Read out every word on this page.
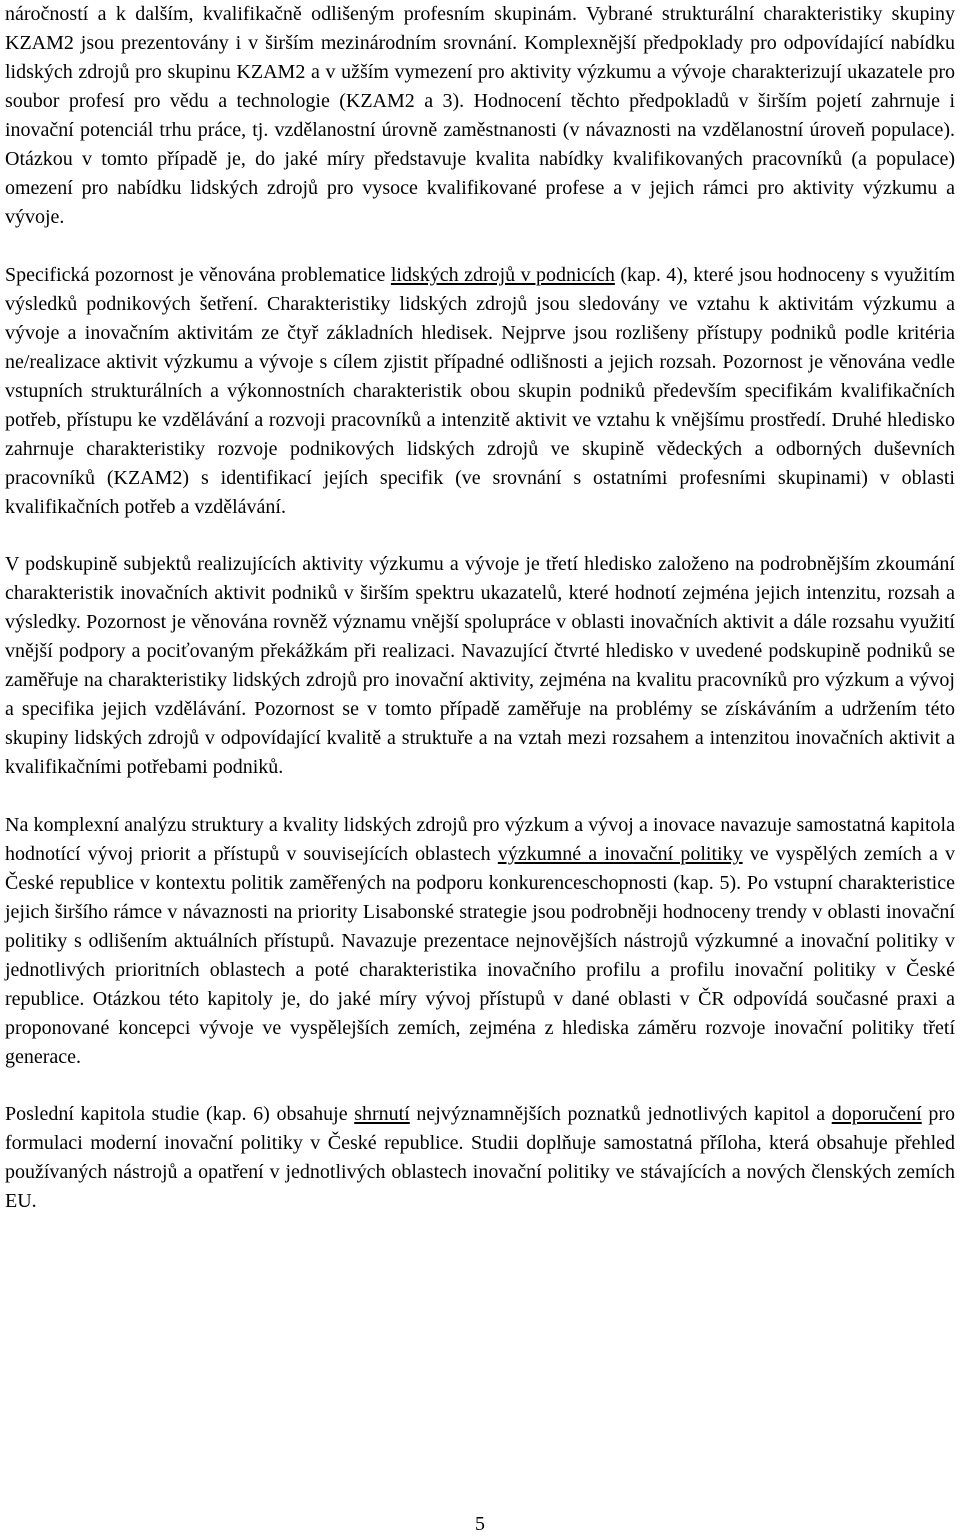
náročností a k dalším, kvalifikačně odlišeným profesním skupinám. Vybrané strukturální charakteristiky skupiny KZAM2 jsou prezentovány i v širším mezinárodním srovnání. Komplexnější předpoklady pro odpovídající nabídku lidských zdrojů pro skupinu KZAM2 a v užším vymezení pro aktivity výzkumu a vývoje charakterizují ukazatele pro soubor profesí pro vědu a technologie (KZAM2 a 3). Hodnocení těchto předpokladů v širším pojetí zahrnuje i inovační potenciál trhu práce, tj. vzdělanostní úrovně zaměstnanosti (v návaznosti na vzdělanostní úroveň populace). Otázkou v tomto případě je, do jaké míry představuje kvalita nabídky kvalifikovaných pracovníků (a populace) omezení pro nabídku lidských zdrojů pro vysoce kvalifikované profese a v jejich rámci pro aktivity výzkumu a vývoje.

Specifická pozornost je věnována problematice lidských zdrojů v podnicích (kap. 4), které jsou hodnoceny s využitím výsledků podnikových šetření. Charakteristiky lidských zdrojů jsou sledovány ve vztahu k aktivitám výzkumu a vývoje a inovačním aktivitám ze čtyř základních hledisek. Nejprve jsou rozlišeny přístupy podniků podle kritéria ne/realizace aktivit výzkumu a vývoje s cílem zjistit případné odlišnosti a jejich rozsah. Pozornost je věnována vedle vstupních strukturálních a výkonnostních charakteristik obou skupin podniků především specifikám kvalifikačních potřeb, přístupu ke vzdělávání a rozvoji pracovníků a intenzitě aktivit ve vztahu k vnějšímu prostředí. Druhé hledisko zahrnuje charakteristiky rozvoje podnikových lidských zdrojů ve skupině vědeckých a odborných duševních pracovníků (KZAM2) s identifikací jejích specifik (ve srovnání s ostatními profesními skupinami) v oblasti kvalifikačních potřeb a vzdělávání.

V podskupině subjektů realizujících aktivity výzkumu a vývoje je třetí hledisko založeno na podrobnějším zkoumání charakteristik inovačních aktivit podniků v širším spektru ukazatelů, které hodnotí zejména jejich intenzitu, rozsah a výsledky. Pozornost je věnována rovněž významu vnější spolupráce v oblasti inovačních aktivit a dále rozsahu využití vnější podpory a pociťovaným překážkám při realizaci. Navazující čtvrté hledisko v uvedené podskupině podniků se zaměřuje na charakteristiky lidských zdrojů pro inovační aktivity, zejména na kvalitu pracovníků pro výzkum a vývoj a specifika jejich vzdělávání. Pozornost se v tomto případě zaměřuje na problémy se získáváním a udržením této skupiny lidských zdrojů v odpovídající kvalitě a struktuře a na vztah mezi rozsahem a intenzitou inovačních aktivit a kvalifikačními potřebami podniků.

Na komplexní analýzu struktury a kvality lidských zdrojů pro výzkum a vývoj a inovace navazuje samostatná kapitola hodnotící vývoj priorit a přístupů v souvisejících oblastech výzkumné a inovační politiky ve vyspělých zemích a v České republice v kontextu politik zaměřených na podporu konkurenceschopnosti (kap. 5). Po vstupní charakteristice jejich širšího rámce v návaznosti na priority Lisabonské strategie jsou podrobněji hodnoceny trendy v oblasti inovační politiky s odlišením aktuálních přístupů. Navazuje prezentace nejnovějších nástrojů výzkumné a inovační politiky v jednotlivých prioritních oblastech a poté charakteristika inovačního profilu a profilu inovační politiky v České republice. Otázkou této kapitoly je, do jaké míry vývoj přístupů v dané oblasti v ČR odpovídá současné praxi a proponované koncepci vývoje ve vyspělejších zemích, zejména z hlediska záměru rozvoje inovační politiky třetí generace.

Poslední kapitola studie (kap. 6) obsahuje shrnutí nejvýznamnějších poznatků jednotlivých kapitol a doporučení pro formulaci moderní inovační politiky v České republice. Studii doplňuje samostatná příloha, která obsahuje přehled používaných nástrojů a opatření v jednotlivých oblastech inovační politiky ve stávajících a nových členských zemích EU.

5
